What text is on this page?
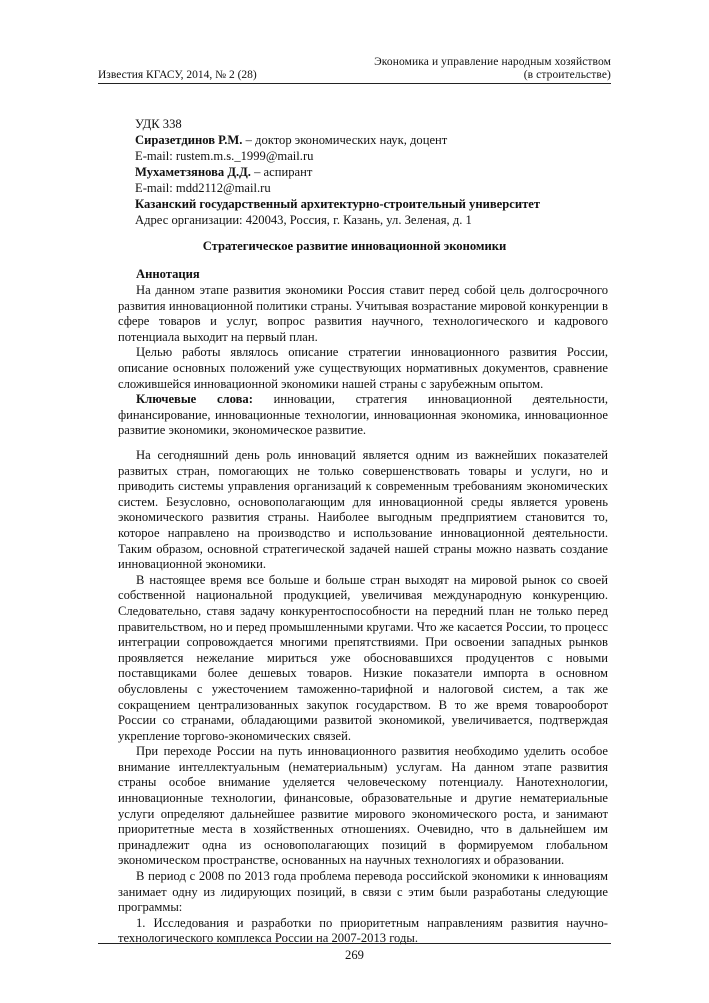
Экономика и управление народным хозяйством
(в строительстве)
Известия КГАСУ, 2014, № 2 (28)
УДК 338
Сиразетдинов Р.М. – доктор экономических наук, доцент
E-mail: rustem.m.s._1999@mail.ru
Мухаметзянова Д.Д. – аспирант
E-mail: mdd2112@mail.ru
Казанский государственный архитектурно-строительный университет
Адрес организации: 420043, Россия, г. Казань, ул. Зеленая, д. 1
Стратегическое развитие инновационной экономики
Аннотация

На данном этапе развития экономики Россия ставит перед собой цель долгосрочного развития инновационной политики страны. Учитывая возрастание мировой конкуренции в сфере товаров и услуг, вопрос развития научного, технологического и кадрового потенциала выходит на первый план.

Целью работы являлось описание стратегии инновационного развития России, описание основных положений уже существующих нормативных документов, сравнение сложившейся инновационной экономики нашей страны с зарубежным опытом.

Ключевые слова: инновации, стратегия инновационной деятельности, финансирование, инновационные технологии, инновационная экономика, инновационное развитие экономики, экономическое развитие.

На сегодняшний день роль инноваций является одним из важнейших показателей развитых стран, помогающих не только совершенствовать товары и услуги, но и приводить системы управления организаций к современным требованиям экономических систем. Безусловно, основополагающим для инновационной среды является уровень экономического развития страны. Наиболее выгодным предприятием становится то, которое направлено на производство и использование инновационной деятельности. Таким образом, основной стратегической задачей нашей страны можно назвать создание инновационной экономики.

В настоящее время все больше и больше стран выходят на мировой рынок со своей собственной национальной продукцией, увеличивая международную конкуренцию. Следовательно, ставя задачу конкурентоспособности на передний план не только перед правительством, но и перед промышленными кругами. Что же касается России, то процесс интеграции сопровождается многими препятствиями. При освоении западных рынков проявляется нежелание мириться уже обосновавшихся продуцентов с новыми поставщиками более дешевых товаров. Низкие показатели импорта в основном обусловлены с ужесточением таможенно-тарифной и налоговой систем, а так же сокращением централизованных закупок государством. В то же время товарооборот России со странами, обладающими развитой экономикой, увеличивается, подтверждая укрепление торгово-экономических связей.

При переходе России на путь инновационного развития необходимо уделить особое внимание интеллектуальным (нематериальным) услугам. На данном этапе развития страны особое внимание уделяется человеческому потенциалу. Нанотехнологии, инновационные технологии, финансовые, образовательные и другие нематериальные услуги определяют дальнейшее развитие мирового экономического роста, и занимают приоритетные места в хозяйственных отношениях. Очевидно, что в дальнейшем им принадлежит одна из основополагающих позиций в формируемом глобальном экономическом пространстве, основанных на научных технологиях и образовании.

В период с 2008 по 2013 года проблема перевода российской экономики к инновациям занимает одну из лидирующих позиций, в связи с этим были разработаны следующие программы:

1. Исследования и разработки по приоритетным направлениям развития научно-технологического комплекса России на 2007-2013 годы.

269
